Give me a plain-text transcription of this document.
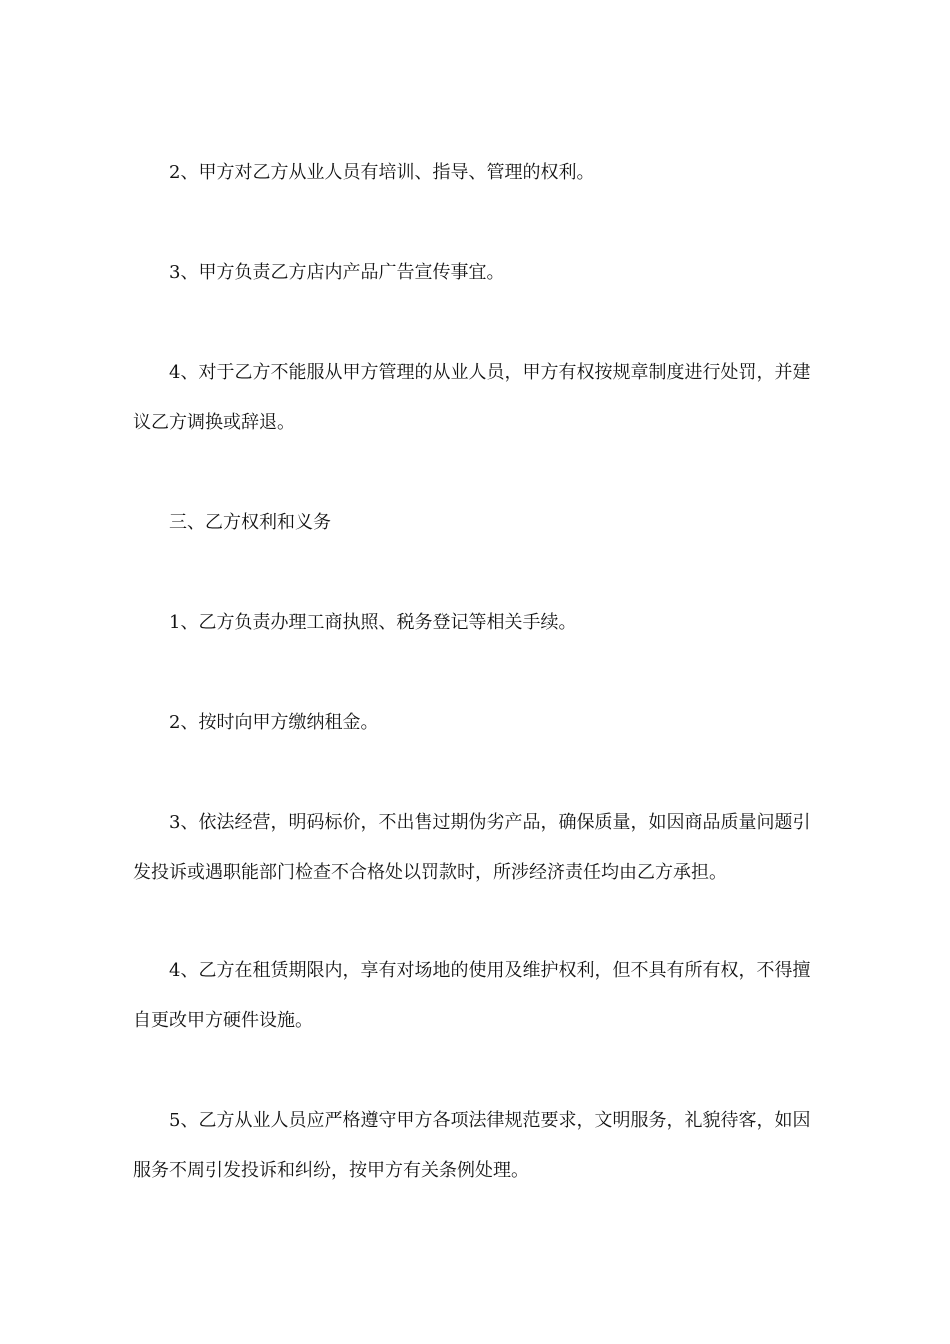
2、甲方对乙方从业人员有培训、指导、管理的权利。

3、甲方负责乙方店内产品广告宣传事宜。

4、对于乙方不能服从甲方管理的从业人员，甲方有权按规章制度进行处罚，并建议乙方调换或辞退。

三、乙方权利和义务

1、乙方负责办理工商执照、税务登记等相关手续。

2、按时向甲方缴纳租金。

3、依法经营，明码标价，不出售过期伪劣产品，确保质量，如因商品质量问题引发投诉或遇职能部门检查不合格处以罚款时，所涉经济责任均由乙方承担。

4、乙方在租赁期限内，享有对场地的使用及维护权利，但不具有所有权，不得擅自更改甲方硬件设施。

5、乙方从业人员应严格遵守甲方各项法律规范要求，文明服务，礼貌待客，如因服务不周引发投诉和纠纷，按甲方有关条例处理。
